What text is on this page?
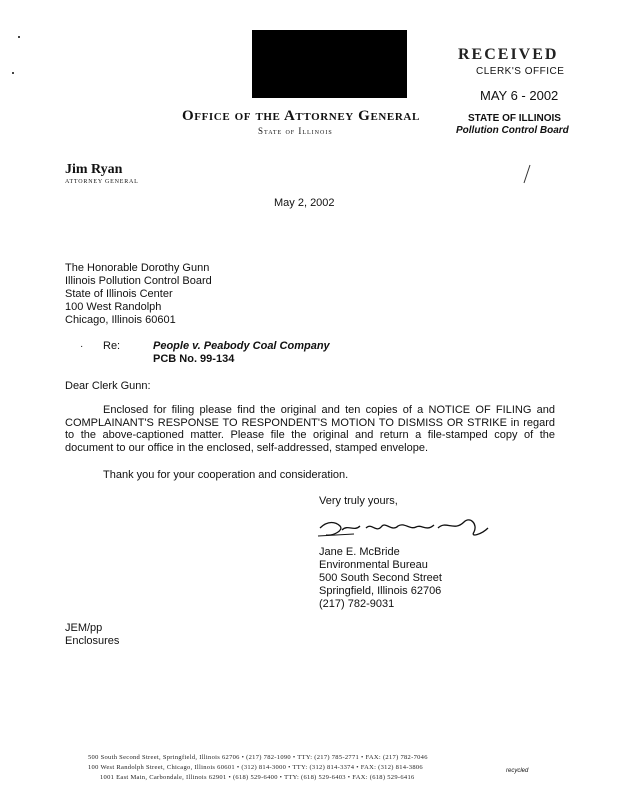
Office of the Attorney General
State of Illinois
RECEIVED
CLERK'S OFFICE
MAY 6 - 2002
STATE OF ILLINOIS
Pollution Control Board
Jim Ryan
ATTORNEY GENERAL
May 2, 2002
The Honorable Dorothy Gunn
Illinois Pollution Control Board
State of Illinois Center
100 West Randolph
Chicago, Illinois 60601
· Re:	People v. Peabody Coal Company
PCB No. 99-134
Dear Clerk Gunn:
Enclosed for filing please find the original and ten copies of a NOTICE OF FILING and COMPLAINANT'S RESPONSE TO RESPONDENT'S MOTION TO DISMISS OR STRIKE in regard to the above-captioned matter. Please file the original and return a file-stamped copy of the document to our office in the enclosed, self-addressed, stamped envelope.
Thank you for your cooperation and consideration.
Very truly yours,
Jane E. McBride
Environmental Bureau
500 South Second Street
Springfield, Illinois 62706
(217) 782-9031
JEM/pp
Enclosures
500 South Second Street, Springfield, Illinois 62706 • (217) 782-1090 • TTY: (217) 785-2771 • FAX: (217) 782-7046
100 West Randolph Street, Chicago, Illinois 60601 • (312) 814-3000 • TTY: (312) 814-3374 • FAX: (312) 814-3806
1001 East Main, Carbondale, Illinois 62901 • (618) 529-6400 • TTY: (618) 529-6403 • FAX: (618) 529-6416
recycled
